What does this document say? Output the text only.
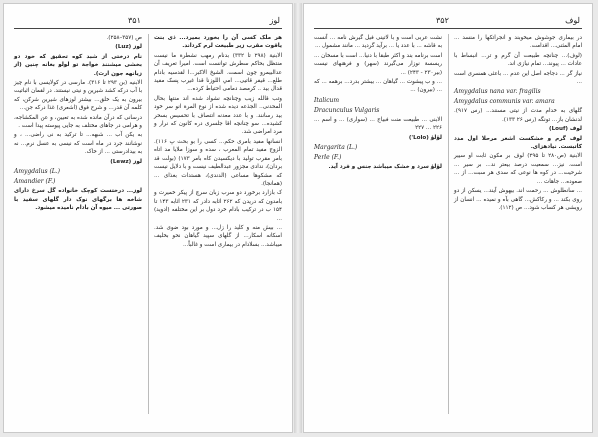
۳۵۱	لوز

هر ملک کسی آن را بخورد بمیرد... ذی بنت یاقوت مقرب زیر طبیعت لرم کرداند.

الابنیة (۲۹۸ تا ۳۳۲) بدنام رمهب نشطرة ما نیست منتظل بحاکم سطرش توانست است. امیرا تعریف آن عدالبیمرو چون اسمت. الشیخ الاکبر...ا لقدسیه بادام طلع... قیفر قاتیی... امي اللوزنا قدا غیرب پسک مفید قدال بید .. کرمصد دمامی احتیاط کرده...

وتب قالله زیب وچنانچه نشواد شده اند منتها بحال المحدنی.. الجذعه دیده شده از نوع المرة انو سر خود بید رسانند. و با عدد معدنه انتصاف با تحسیس بسحر کشیده... سو چنانچه اقا جلسری دره کانون که نرار و مرد امراضی شد.

انسانها مفید بامری حکم... کسی را بو بحث پ ۱۱۶). الزوج مفید تمام المعرب ، سده و سوزا ملایا مد اتاه بامر مقرب تولید با دیکسیدن کاه بامر ۱۷۳) (بولت قد بردان)، ندادی مجزور عبدالطیف نیست و با دلایل نیست که مشکوها مساعی (الدندی)، هستدات بغذای ... (همانجا).

ک بازارد برخورد دو سرب زبان سرچ از پیکر خمیرت و بامدون که دریدن که ۲۶۲ اثابه دادر که ۲۳۱ اثابه ۱۴۳ تا ۱۵۴ ب در ترکیب بادام خرد دول بر این مختلفه (ادوید) ...

... بیش منه و کلید را زل... و مورد بود ضوی شد. اسکانه اسکار... از گلهای سپید گیاهان نحو بخلیف میباشد... بسلادام در بیماری است و غالباً...

ص (۳۵۷–۲۵۸).

لوز (Luz)

نام درختی از شبد کوه تحقیق که خود دو بخشی میشنند خواجة تو لولو بعانه چنین (از زبانهه جون ارث).

الابنیه (بن ۲۹۳ تا ۳۱۶). مارسی در کولایسی با نام چیز با آب درکه کشد شیرین و نیتی نیستند. در لقمان اثباتیت بیرون به یک خلق... بیشتر لوزهای شیرین شرکن، که کلمه آن قدر... و شرح فوق (اشعری) غذا درکه جن...

درسانی که درآن مانده شده به تعیین، و عن المکشاجه، و هرامی در جاهای مختلف به جایی پیوسته پیدا است .

به یکن آب ... شبهه... تا ترکید به نی راضی... ، و نوشانند جرد در ماه است که نیسی به عسل نرم... نه به بیدادرستی ... از خاک.

لوز (Lewz)

Amygdalus (L.)

Amandier (F.)

لوز... درختست کوچک خانواده گل سرخ دارای شاخه ها برگهای نوک دار گلهای سفید با صورتی ... میوه آن بادام نامیده میشود.

۳۵۲	لوف

در بیماری جوشوش میخوبند و انجراتکها را منسد ... امام المثنی... اقدامت.

(لوف)... چنانچه طبیعت آن گرم و تر... انبساط با عادات ... پیوند... تمام نیازی اند.

نیاز گر ... دجاجه اصل این عدم ... باعثی همسری است ...

Amygdalus nana var. fragilis

Amygdalus communis var. amara

گلهای به خدام مدت از نیتی مسنند... (رس ۹۱۷). لدنشان باز... تونگه (رس ۲۶ ۱۳۳).

لوف (Louf)

لوف گرم و خشکست اشعر مرحلا اول مدد کاتبست. نیادهزای.

الابنیة (ص۲۸۰ تا ۲۹۵) لوف بر مکون ثابت او سییر است. نیز... سمعیت درصد بیعتر ند... بر سیر ... شرحیت... در کوه ها نوعی که سدی هر سبت... از ... صعوده... جاهات ...

... سانطلوش ... رحمت اند. بیهوش آیند... یسکن از دو روی بکند ... و رکاکش... گاهی بآه و نمیده ... انسان از رویشی هر کساب شود... ص (۱۱۲).

نشت عربی است و با لاتینی فیل گیرش نامه ... آنست به قاشه ... با عدد یا ... برآید گردید ... مانند مشمول ...

است برنامه بند و اکثر طبقا با دنیا... است با مسخان ... ریسسة نوزار می‌گیرند (سهر) و فرهنهای نیست (بیر۲۳۰ - ۲۴۳) ...

... و ب پیشوت ... گیاهان ... بیشتر بدرد... برهمه ... که ... (بیرون) ...

Italicum

Dracunculus Vulgaris

الابنی ... طبیعت منت فبیاج ... (سواری) ... و اسم ... ۲۲۶ ... ۲۲۷

لؤلؤ (Lolo')

Margarita (L.)

Perle (F.)

لؤلؤ سرد و خشک میباشد جنس و فرد آید.
